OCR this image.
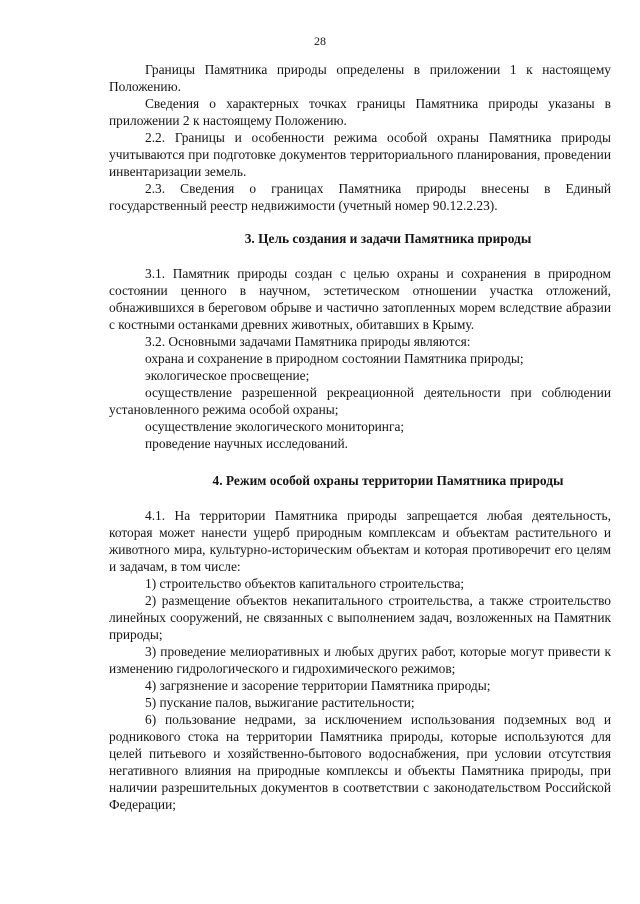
28

Границы Памятника природы определены в приложении 1 к настоящему Положению.

Сведения о характерных точках границы Памятника природы указаны в приложении 2 к настоящему Положению.

2.2. Границы и особенности режима особой охраны Памятника природы учитываются при подготовке документов территориального планирования, проведении инвентаризации земель.

2.3. Сведения о границах Памятника природы внесены в Единый государственный реестр недвижимости (учетный номер 90.12.2.23).

3. Цель создания и задачи Памятника природы

3.1. Памятник природы создан с целью охраны и сохранения в природном состоянии ценного в научном, эстетическом отношении участка отложений, обнажившихся в береговом обрыве и частично затопленных морем вследствие абразии с костными останками древних животных, обитавших в Крыму.

3.2. Основными задачами Памятника природы являются:

охрана и сохранение в природном состоянии Памятника природы;

экологическое просвещение;

осуществление разрешенной рекреационной деятельности при соблюдении установленного режима особой охраны;

осуществление экологического мониторинга;

проведение научных исследований.

4. Режим особой охраны территории Памятника природы

4.1. На территории Памятника природы запрещается любая деятельность, которая может нанести ущерб природным комплексам и объектам растительного и животного мира, культурно-историческим объектам и которая противоречит его целям и задачам, в том числе:

1) строительство объектов капитального строительства;

2) размещение объектов некапитального строительства, а также строительство линейных сооружений, не связанных с выполнением задач, возложенных на Памятник природы;

3) проведение мелиоративных и любых других работ, которые могут привести к изменению гидрологического и гидрохимического режимов;

4) загрязнение и засорение территории Памятника природы;

5) пускание палов, выжигание растительности;

6) пользование недрами, за исключением использования подземных вод и родникового стока на территории Памятника природы, которые используются для целей питьевого и хозяйственно-бытового водоснабжения, при условии отсутствия негативного влияния на природные комплексы и объекты Памятника природы, при наличии разрешительных документов в соответствии с законодательством Российской Федерации;
